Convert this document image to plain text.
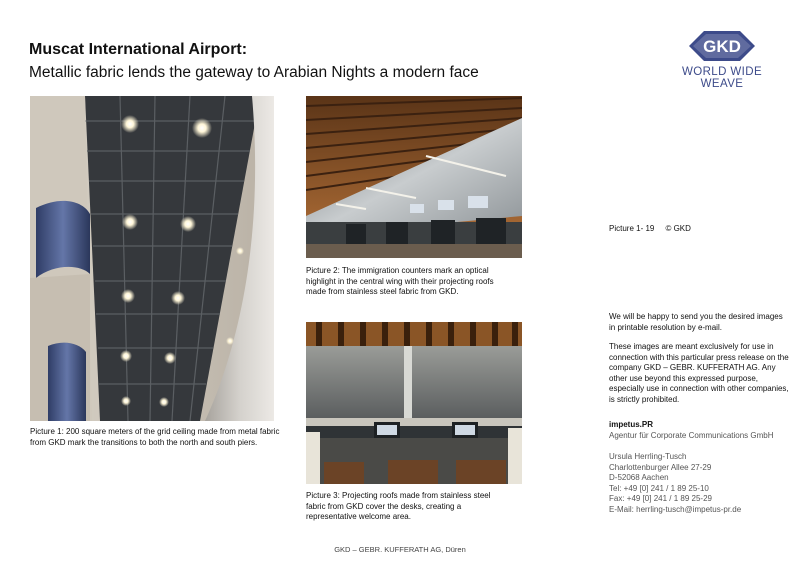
Muscat International Airport:
Metallic fabric lends the gateway to Arabian Nights a modern face
GKD
WORLD WIDE WEAVE
Picture 1: 200 square meters of the grid ceiling made from metal fabric from GKD mark the transitions to both the north and south piers.
Picture 2: The immigration counters mark an optical highlight in the central wing with their projecting roofs made from stainless steel fabric from GKD.
Picture 3: Projecting roofs made from stainless steel fabric from GKD cover the desks, creating a representative welcome area.
Picture 1- 19     © GKD
We will be happy to send you the desired images in printable resolution by e-mail.
These images are meant exclusively for use in connection with this particular press release on the company GKD – GEBR. KUFFERATH AG. Any other use beyond this expressed purpose, especially use in connection with other companies, is strictly prohibited.
impetus.PR
Agentur für Corporate Communications GmbH
Ursula Herrling-Tusch
Charlottenburger Allee 27-29
D-52068 Aachen
Tel: +49 [0] 241 / 1 89 25-10
Fax: +49 [0] 241 / 1 89 25-29
E-Mail: herrling-tusch@impetus-pr.de
GKD – GEBR. KUFFERATH AG, Düren
